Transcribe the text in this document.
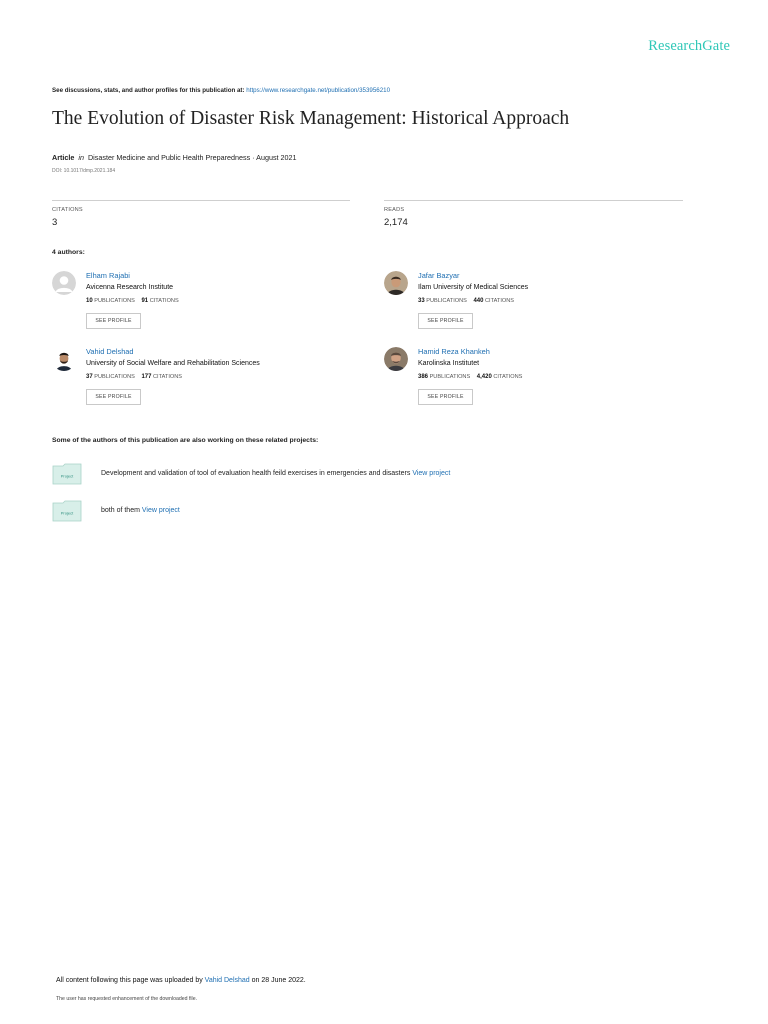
ResearchGate
See discussions, stats, and author profiles for this publication at: https://www.researchgate.net/publication/353956210
The Evolution of Disaster Risk Management: Historical Approach
Article in Disaster Medicine and Public Health Preparedness · August 2021
DOI: 10.1017/dmp.2021.184
CITATIONS
3
READS
2,174
4 authors:
Elham Rajabi
Avicenna Research Institute
10 PUBLICATIONS 91 CITATIONS
SEE PROFILE
Jafar Bazyar
Ilam University of Medical Sciences
33 PUBLICATIONS 440 CITATIONS
SEE PROFILE
Vahid Delshad
University of Social Welfare and Rehabilitation Sciences
37 PUBLICATIONS 177 CITATIONS
SEE PROFILE
Hamid Reza Khankeh
Karolinska Institutet
386 PUBLICATIONS 4,420 CITATIONS
SEE PROFILE
Some of the authors of this publication are also working on these related projects:
Project	Development and validation of tool of evaluation health feild exercises in emergencies and disasters View project
Project	both of them View project
All content following this page was uploaded by Vahid Delshad on 28 June 2022.
The user has requested enhancement of the downloaded file.
